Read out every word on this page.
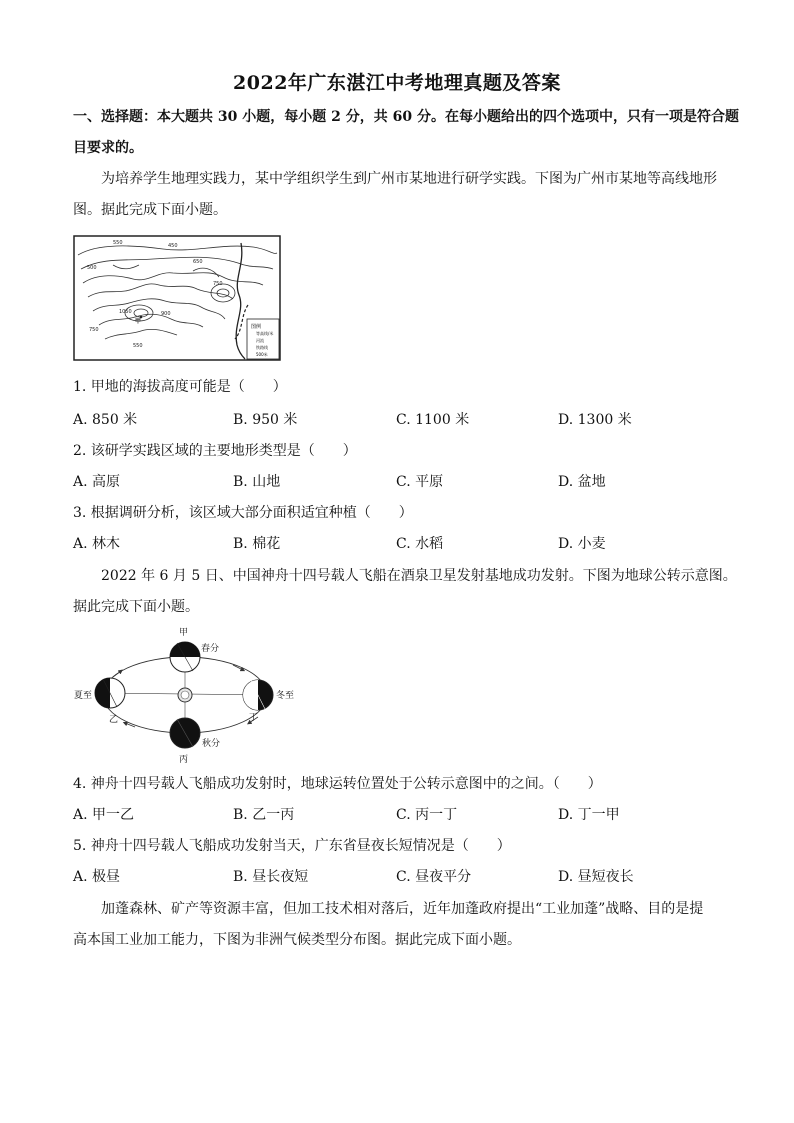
2022年广东湛江中考地理真题及答案
一、选择题：本大题共 30 小题，每小题 2 分，共 60 分。在每小题给出的四个选项中，只有一项是符合题
目要求的。
为培养学生地理实践力，某中学组织学生到广州市某地进行研学实践。下图为广州市某地等高线地形
图。据此完成下面小题。
图例
等高线/米
河流
铁路线
500米
550	450
500
650
750
1050	900
750
550
甲
1. 甲地的海拔高度可能是（　　）
A. 850 米	B. 950 米	C. 1100 米	D. 1300 米
2. 该研学实践区域的主要地形类型是（　　）
A. 高原	B. 山地	C. 平原	D. 盆地
3. 根据调研分析，该区域大部分面积适宜种植（　　）
A. 林木	B. 棉花	C. 水稻	D. 小麦
2022 年 6 月 5 日、中国神舟十四号载人飞船在酒泉卫星发射基地成功发射。下图为地球公转示意图。
据此完成下面小题。
甲
春分
夏至
乙
冬至
丁
秋分
丙
4. 神舟十四号载人飞船成功发射时，地球运转位置处于公转示意图中的之间。（　　）
A. 甲一乙	B. 乙一丙	C. 丙一丁	D. 丁一甲
5. 神舟十四号载人飞船成功发射当天，广东省昼夜长短情况是（　　）
A. 极昼	B. 昼长夜短	C. 昼夜平分	D. 昼短夜长
加蓬森林、矿产等资源丰富，但加工技术相对落后，近年加蓬政府提出“工业加蓬”战略、目的是提
高本国工业加工能力，下图为非洲气候类型分布图。据此完成下面小题。
